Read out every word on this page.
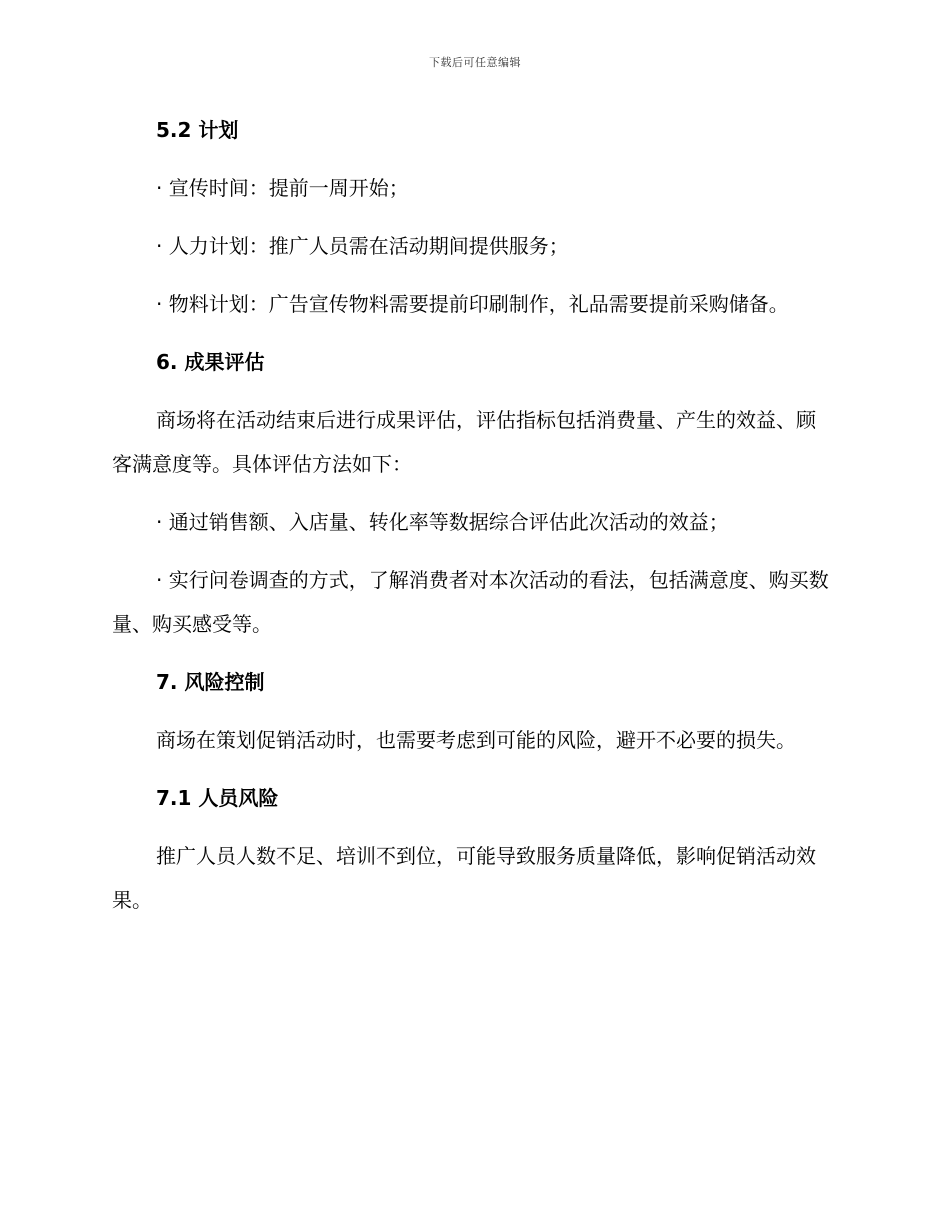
下载后可任意编辑

5.2 计划

· 宣传时间：提前一周开始；

· 人力计划：推广人员需在活动期间提供服务；

· 物料计划：广告宣传物料需要提前印刷制作，礼品需要提前采购储备。

6. 成果评估

商场将在活动结束后进行成果评估，评估指标包括消费量、产生的效益、顾客满意度等。具体评估方法如下：

· 通过销售额、入店量、转化率等数据综合评估此次活动的效益；

· 实行问卷调查的方式，了解消费者对本次活动的看法，包括满意度、购买数量、购买感受等。

7. 风险控制

商场在策划促销活动时，也需要考虑到可能的风险，避开不必要的损失。

7.1 人员风险

推广人员人数不足、培训不到位，可能导致服务质量降低，影响促销活动效果。
